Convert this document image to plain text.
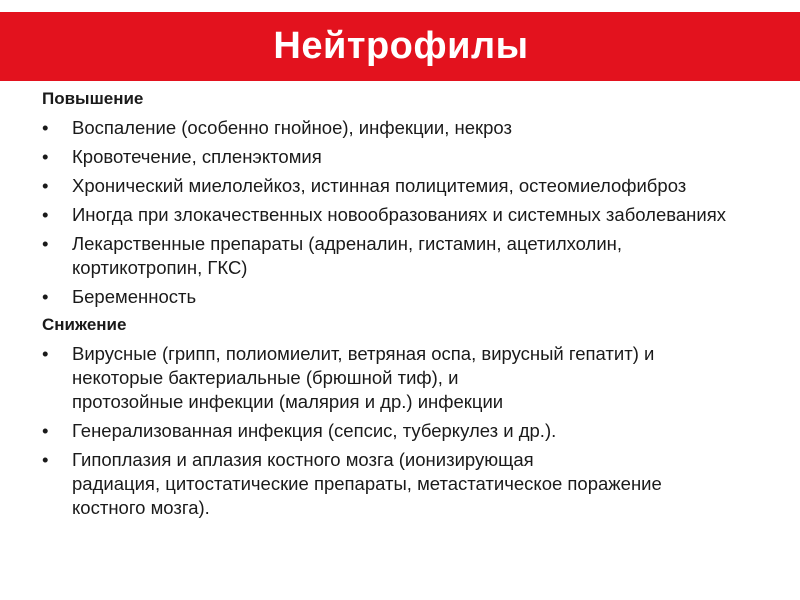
Нейтрофилы
Повышение
• Воспаление (особенно гнойное), инфекции, некроз
• Кровотечение, спленэктомия
• Хронический миелолейкоз, истинная полицитемия, остеомиелофиброз
• Иногда при злокачественных новообразованиях и системных заболеваниях
• Лекарственные препараты (адреналин, гистамин, ацетилхолин,
кортикотропин, ГКС)
• Беременность
Снижение
• Вирусные (грипп, полиомиелит, ветряная оспа, вирусный гепатит) и
некоторые бактериальные (брюшной тиф), и
протозойные инфекции (малярия и др.) инфекции
• Генерализованная инфекция (сепсис, туберкулез и др.).
• Гипоплазия и аплазия костного мозга (ионизирующая
радиация, цитостатические препараты, метастатическое поражение
костного мозга).
